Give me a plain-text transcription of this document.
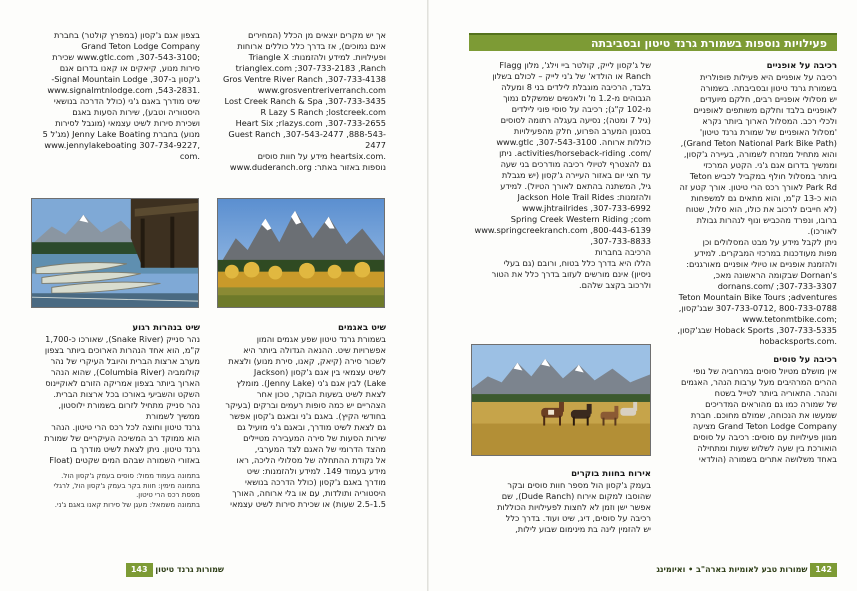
אך יש מקרים יוצאים מן הכלל (המחירים

אינם נמוכים), אז בדרך כלל כוללים ארוחות

ופעילויות. למידע ולהזמנות: Triangle X

trianglex.com ;307-733-2183 ,Ranch

Gros Ventre River Ranch ,307-733-4138

www.grosventreriverranch.com

Lost Creek Ranch & Spa ,307-733-3435

R Lazy S Ranch ;lostcreek.com

Heart Six ;rlazys.com ,307-733-2655

Guest Ranch ,307-543-2477 ,888-543-2477

.heartsix.com מידע על חוות סוסים

נוספות באזור באתר: www.duderanch.org

בצפון אגם ג'קסון (במפרץ קולטר) בחברת

Grand Teton Lodge Company

;www.gtlc.com ,307-543-3100 שכירת

סירות מנוע, קיאקים או קאנו בדרום אגם

ג'קסון ב-Signal Mountain Lodge ,307-

.www.signalmtnlodge.com ,543-2831

שיט מודרך באגם ג'ני (כולל הדרכה בנושאי

היסטוריה וטבע), שירות הסעות באגם

ושכירת סירות לשיט עצמאי (מוגבל לסירות

מנוע) בחברת Jenny Lake Boating (מג'ל 5

,307-734-9227 www.jennylakeboating

.com

שיט באגמים

בשמורת גרנד טיטון שפע אגמים והמון

אפשרויות שיט. ההנאה הגדולה ביותר היא

לשכור סירה (קיאק, קאנו, סירת מנוע) ולצאת

לשיט עצמאי בין אגם ג'קסון (Jackson

Lake) לבין אגם ג'ני (Jenny Lake). מומלץ

לצאת לשיט בשעות הבוקר, טכון אחר

הצהריים יש כמה סופות רעמים וברקים (בעיקר

בחודשי הקיץ). באגם ג'ני ובאגם ג'קסון אפשר

גם לצאת לשיט מודרך, ובאגם ג'ני מועיל גם

שירות הסעות של סירה המעבירה מטיילים

מהצד הדרומי של האגם לצד המערבי,

אל נקודת ההתחלה של מסלולי הליכה, ראו

מידע בעמוד 149. למידע ולהזמנות: שיט

מודרך באגם ג'קסון (כולל הדרכה בנושאי

היסטוריה ותולדות, עם או בלי ארוחה, האורך

2.5-1.5 שעות) או שכירת סירות לשיט עצמאי

שיט בנהרות רגוע

נהר סנייק (Snake River), שאורכו כ-1,700

ק"מ, הוא אחד הנהרות הארוכים ביותר בצפון

מערב ארצות הברית והיובל העיקרי של נהר

קולומביה (Columbia River), שהוא הנהר

הארוך ביותר בצפון אמריקה הזורם לאוקיינוס

השקט והשביעי באורכו בכל ארצות הברית.

נהר סנייק מתחיל לזרום בשמורת ילוסטון,

ממשיך לשמורת

גרנד טיטון וחוצה לכל רכס הרי טיטון. הנהר

הוא ממוקד רב המשיכה העיקריים של שמורת

גרנד טיטון. ניתן לצאת לשיט מודרך בו

באזורי השמורה שבהם המים שקטים (Float

בתמונה בעמוד ממול: סוסים בעמק ג'קסון הול.

בתמונה מימין: חוות בקר בעמק ג'קסון הול, לרגלי

מפסת רכס הרי טיטון.

בתמונה משמאל: מעגן של סירות קאנו באגם ג'ני.

שמורות גרנד טיטון 143
פעילויות נוספות בשמורת גרנד טיטון ובסביבתה

רכיבה על אופניים

רכיבה על אופניים היא פעילות פופולרית

בשמורת גרנד טיטון ובסביבתה. בשמורה

יש מסלולי אופניים רבים, חלקם מיועדים

לאופניים בלבד וחלקם משותפים לאופניים

ולכלי רכב. המסלול הארוך ביותר נקרא

'מסלול האופניים של שמורת גרנד טיטון'

(Grand Teton National Park Bike Path),

והוא מתחיל ממזרח לשמורה, בעיירה ג'קסון,

וממשיך בדרום אגם ג'ני. הקטע המרכזי

ביותר במסלול חולף במקביל לכביש Teton

Park Rd לאורך רכס הרי טיטון. אורך קטע זה

הוא כ-13 ק"מ, והוא מתאים גם למשפחות

(לא חייבים לרכוב את כולו, הוא סלול, שטוח

ברובו, ונפרד מהכביש ונוף לנהרות גבולת לאורכו).

ניתן לקבל מידע על מבט המסלולים וכן

מפות מעודכנות במרכזי המבקרים. למידע

ולהזמנת אופניים או טיולי אופניים מאורגנים:

Dornan's שבקומה הראשונה מאכ,

dornans.com/ ;307-733-3307

Teton Mountain Bike Tours ;adventures

800-733-0788 ,307-733-0712 שבג'קסון,

;www.tetonmtbike.com

Hoback Sports ,307-733-5335 שבג'קסון,

.hobacksports.com

רכיבה על סוסים

אין מושלם מטיול סוסים במרחביה של נופי

ההרים המרהיבים מעל ערבות הנהר, האגמים

והנהר. התאוריה ביותר לטייל בשטח

של שמורה כמו גם מהוראים המדריכים

שמעשו את הנכוחה, שמולם מחוכם. חברת

Grand Teton Lodge Company מציעה

מגוון פעילויות עם סוסים: רכיבה על סוסים

הואורכת בין שעה לשלוש שעות ומתחילה

באחד משלושה אתרים בשמורה (הולדאי

של ג'קסון לייק, קולטר ביי וילג', מלון Flagg

Ranch או הולדא' של ג'ני לייק – לכולם בשלון

בלבד, הרכיבה מוגבלת לילדים בני 8 ומעלה

הגבוהים מ-1.2 מ' ולאנשים שמשקלם נמוך

מ-102 ק"ג); רכיבה על סוסי פוני לילדים

(גיל 7 ומטה); נסיעה בעגלה רתומה לסוסים

בסגנון המערב הפרוע, חלק מהפעילויות

כוללות ארוחה. www.gtlc ,307-543-3100

/activities/horseback-riding .com. ניתן

גם להצטרף לטיולי רכיבה מודרכים בני שעה

עד חצי יום באזור העיירה ג'קסון (יש מגבלת

גיל, המשתנה בהתאם לאורך הטיול). למידע

ולהזמנות: Jackson Hole Trail Rides

www.jhtrailrides ,307-733-6992

Spring Creek Western Riding ;com

www.springcreekranch.com ,800-443-6139 ,307-733-8833

הרכיבה בחברות

הללו היא בדרך כלל בטוח, ורובם (גם בעלי

ניסיון) אינם מורשים לעזוב בדרך כלל את הטור

ולרכוב בקצב שלהם.

אירוח בחוות בוקרים

בעמק ג'קסון הול מספר חוות סוסים ובקר

שהוסבו למקום אירוח (Dude Ranch), שם

אפשר ישן וזמן לא לחצות לפעילויות הכוללות

רכיבה על סוסים, דיג, שיט ועוד. בדרך כלל

יש להזמין לינה בת מינימום שבוע לילות,

142 שמורות טבע לאומיות בארה"ב • ואיומינג
